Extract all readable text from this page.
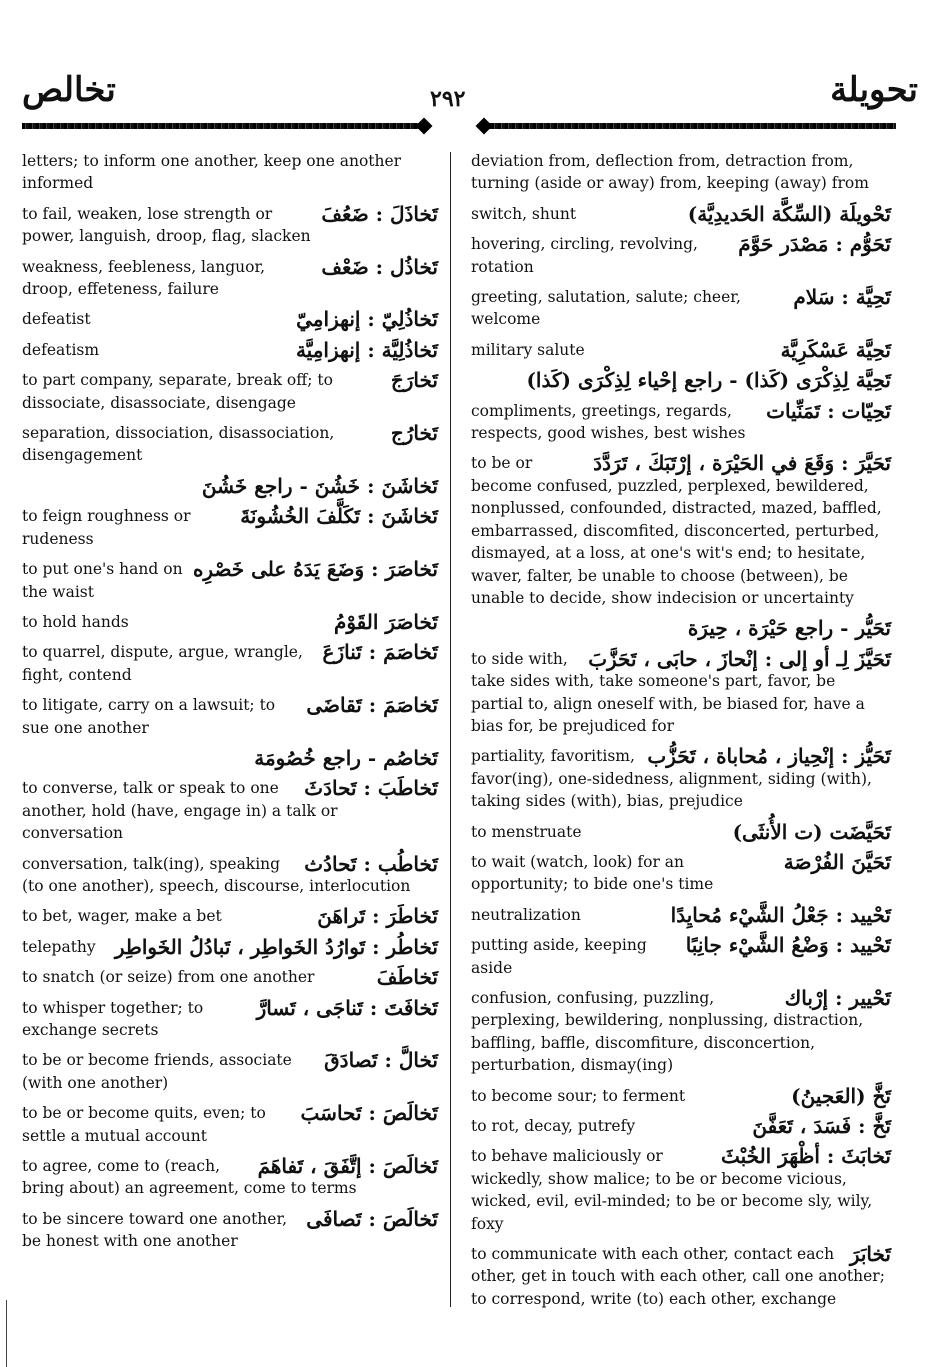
تخالص	٢٩٢	تحويلة
letters; to inform one another, keep one another informed
تَخاذَلَ : ضَعُفَ
to fail, weaken, lose strength or power, languish, droop, flag, slacken
تَخاذُل : ضَعْف
weakness, feebleness, languor, droop, effeteness, failure
تَخاذُلِيّ : إنهزامِيّ
defeatist
تَخاذُلِيَّة : إنهزامِيَّة
defeatism
تَخارَجَ
to part company, separate, break off; to dissociate, disassociate, disengage
تَخارُج
separation, dissociation, disassociation, disengagement
تَخاشَنَ : خَشُنَ - راجع خَشُنَ
تَخاشَنَ : تَكَلَّفَ الخُشُونَةَ
to feign roughness or rudeness
تَخاصَرَ : وَضَعَ يَدَهُ على خَصْرِه
to put one's hand on the waist
تَخاصَرَ القَوْمُ
to hold hands
تَخاصَمَ : تَنازَعَ
to quarrel, dispute, argue, wrangle, fight, contend
تَخاصَمَ : تَقاضَى
to litigate, carry on a lawsuit; to sue one another
تَخاصُم - راجع خُصُومَة
تَخاطَبَ : تَحادَثَ
to converse, talk or speak to one another, hold (have, engage in) a talk or conversation
تَخاطُب : تَحادُث
conversation, talk(ing), speaking (to one another), speech, discourse, interlocution
تَخاطَرَ : تَراهَنَ
to bet, wager, make a bet
تَخاطُر : تَوارُدُ الخَواطِر ، تَبادُلُ الخَواطِر
telepathy
تَخاطَفَ
to snatch (or seize) from one another
تَخافَتَ : تَناجَى ، تَسارَّ
to whisper together; to exchange secrets
تَخالَّ : تَصادَقَ
to be or become friends, associate (with one another)
تَخالَصَ : تَحاسَبَ
to be or become quits, even; to settle a mutual account
تَخالَصَ : إتَّفَقَ ، تَفاهَمَ
to agree, come to (reach, bring about) an agreement, come to terms
تَخالَصَ : تَصافَى
to be sincere toward one another, be honest with one another
deviation from, deflection from, detraction from, turning (aside or away) from, keeping (away) from
تَحْويلَة (السِّكَّة الحَديدِيَّة)
switch, shunt
تَحَوُّم : مَصْدَر حَوَّمَ
hovering, circling, revolving, rotation
تَحِيَّة : سَلام
greeting, salutation, salute; cheer, welcome
تَحِيَّة عَسْكَرِيَّة
military salute
تَحِيَّة لِذِكْرَى (كَذا) - راجع إحْياء لِذِكْرَى (كَذا)
تَحِيّات : تَمَنِّيات
compliments, greetings, regards, respects, good wishes, best wishes
تَحَيَّرَ : وَقَعَ في الحَيْرَة ، إرْتَبَكَ ، تَرَدَّدَ
to be or become confused, puzzled, perplexed, bewildered, nonplussed, confounded, distracted, mazed, baffled, embarrassed, discomfited, disconcerted, perturbed, dismayed, at a loss, at one's wit's end; to hesitate, waver, falter, be unable to choose (between), be unable to decide, show indecision or uncertainty
تَحَيُّر - راجع حَيْرَة ، حِيرَة
تَحَيَّزَ لِـ أو إلى : إنْحازَ ، حابَى ، تَحَزَّبَ
to side with, take sides with, take someone's part, favor, be partial to, align oneself with, be biased for, have a bias for, be prejudiced for
تَحَيُّز : إنْحِياز ، مُحاباة ، تَحَزُّب
partiality, favoritism, favor(ing), one-sidedness, alignment, siding (with), taking sides (with), bias, prejudice
تَحَيَّضَت (ت الأُنثَى)
to menstruate
تَحَيَّنَ الفُرْصَة
to wait (watch, look) for an opportunity; to bide one's time
تَحْييد : جَعْلُ الشَّيْء مُحايِدًا
neutralization
تَحْييد : وَضْعُ الشَّيْء جانِبًا
putting aside, keeping aside
تَحْيير : إرْباك
confusion, confusing, puzzling, perplexing, bewildering, nonplussing, distraction, baffling, baffle, discomfiture, disconcertion, perturbation, dismay(ing)
تَخَّ (العَجينُ)
to become sour; to ferment
تَخَّ : فَسَدَ ، تَعَفَّنَ
to rot, decay, putrefy
تَخابَثَ : أظْهَرَ الخُبْثَ
to behave maliciously or wickedly, show malice; to be or become vicious, wicked, evil, evil-minded; to be or become sly, wily, foxy
تَخابَرَ
to communicate with each other, contact each other, get in touch with each other, call one another; to correspond, write (to) each other, exchange
